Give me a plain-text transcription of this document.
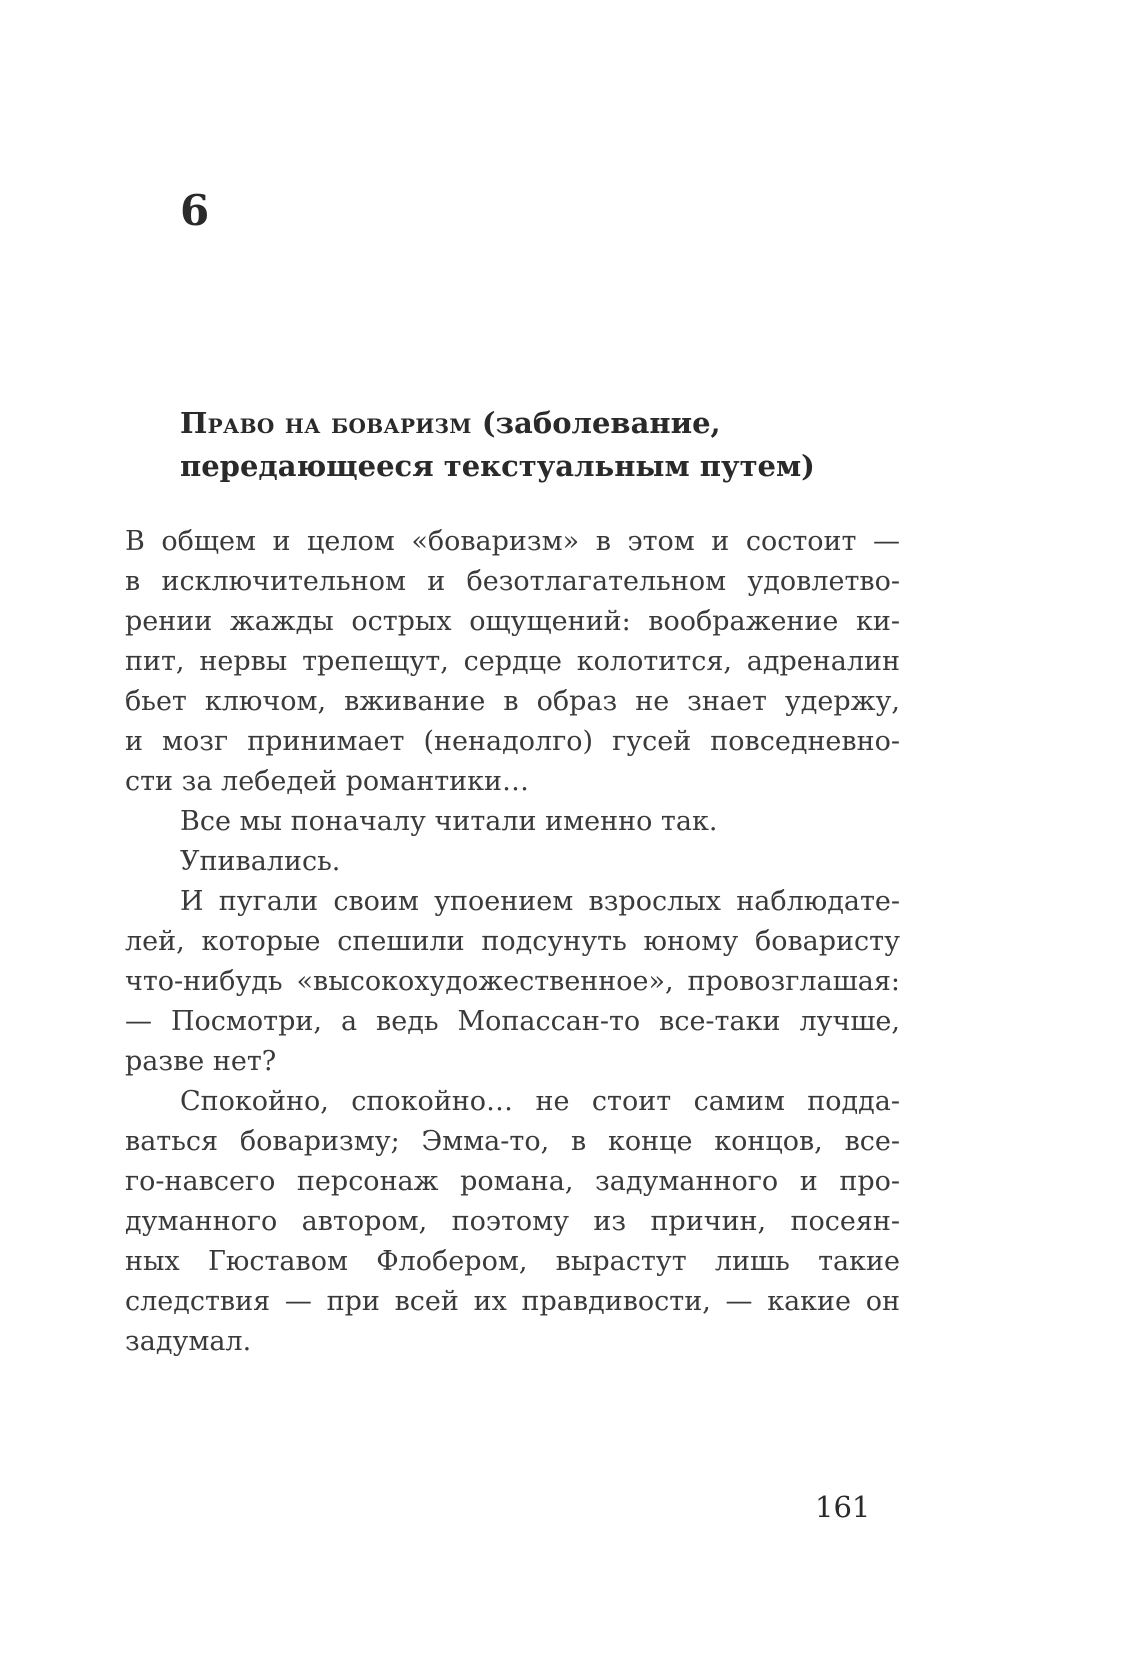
6
Право на боваризм (заболевание,
передающееся текстуальным путем)
В общем и целом «боваризм» в этом и состоит —
в исключительном и безотлагательном удовлетво-
рении жажды острых ощущений: воображение ки-
пит, нервы трепещут, сердце колотится, адреналин
бьет ключом, вживание в образ не знает удержу,
и мозг принимает (ненадолго) гусей повседневно-
сти за лебедей романтики…
Все мы поначалу читали именно так.
Упивались.
И пугали своим упоением взрослых наблюдате-
лей, которые спешили подсунуть юному боваристу
что-нибудь «высокохудожественное», провозглашая:
— Посмотри, а ведь Мопассан-то все-таки лучше,
разве нет?
Спокойно, спокойно… не стоит самим подда-
ваться боваризму; Эмма-то, в конце концов, все-
го-навсего персонаж романа, задуманного и про-
думанного автором, поэтому из причин, посеян-
ных Гюставом Флобером, вырастут лишь такие
следствия — при всей их правдивости, — какие он
задумал.
161
